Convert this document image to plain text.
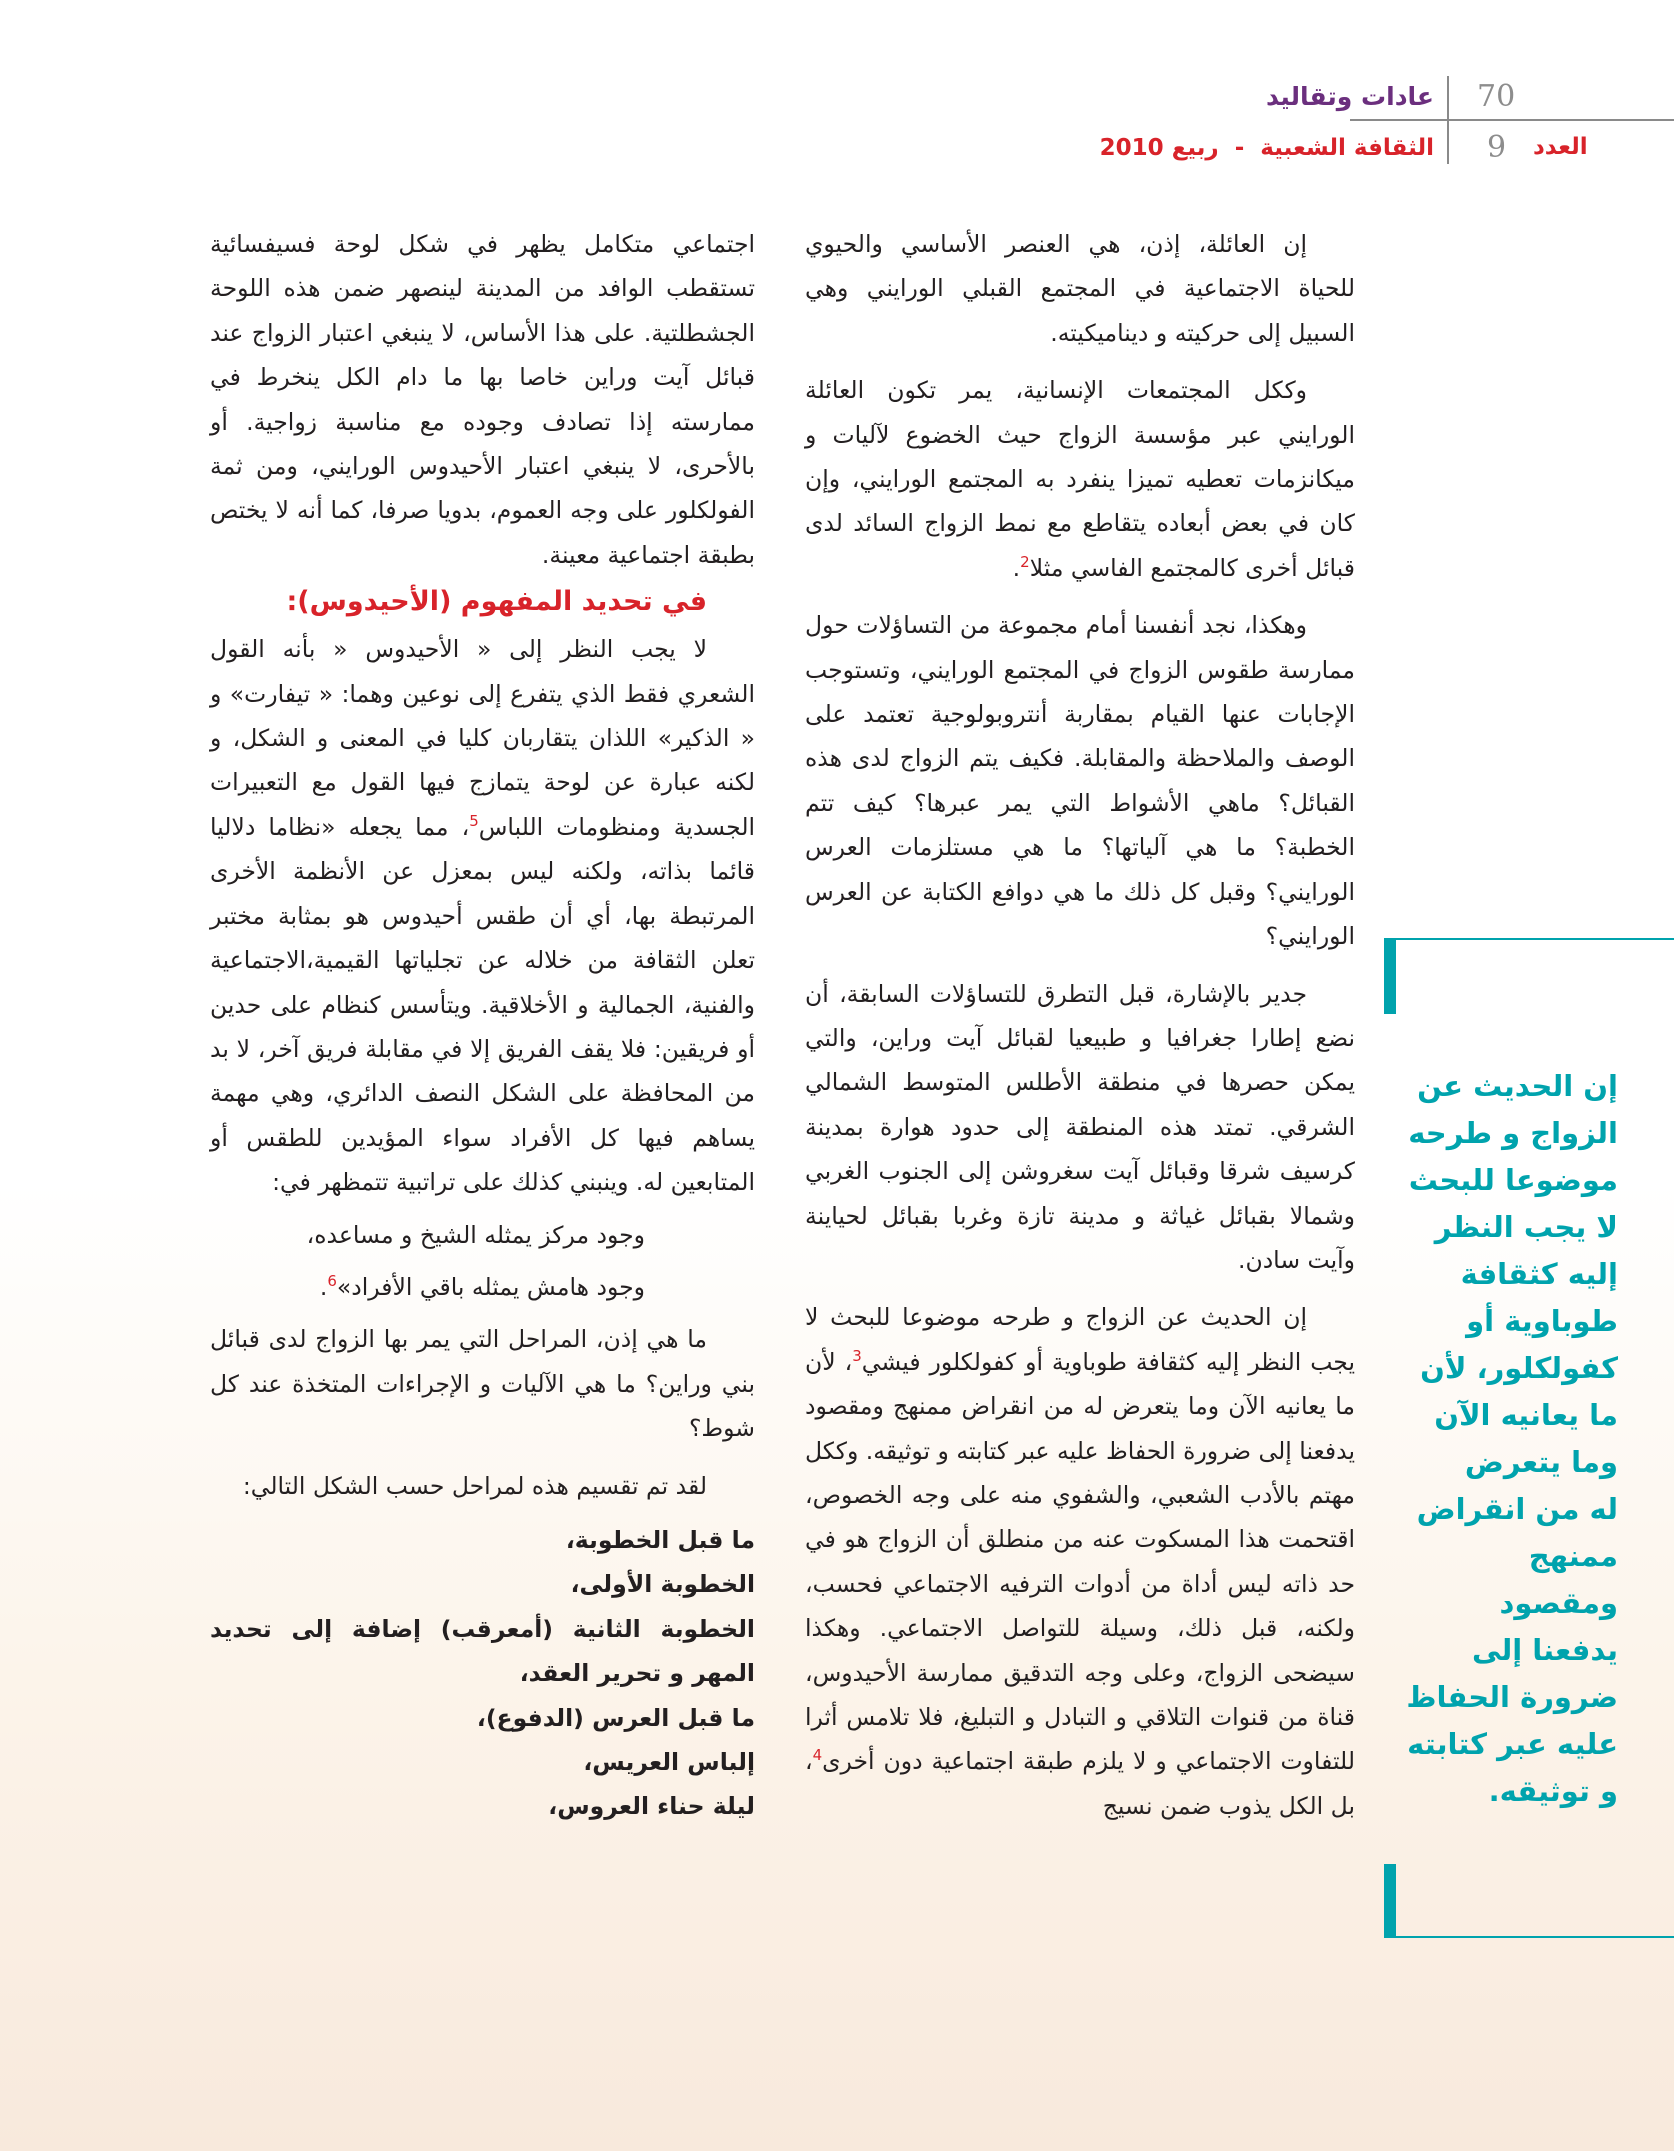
70
عادات وتقاليد
العدد
9
الثقافة الشعبية - ربيع 2010

إن العائلة، إذن، هي العنصر الأساسي والحيوي للحياة الاجتماعية في المجتمع القبلي الورايني وهي السبيل إلى حركيته و ديناميكيته.

وككل المجتمعات الإنسانية، يمر تكون العائلة الورايني عبر مؤسسة الزواج حيث الخضوع لآليات و ميكانزمات تعطيه تميزا ينفرد به المجتمع الورايني، وإن كان في بعض أبعاده يتقاطع مع نمط الزواج السائد لدى قبائل أخرى كالمجتمع الفاسي مثلا$^2$.

وهكذا، نجد أنفسنا أمام مجموعة من التساؤلات حول ممارسة طقوس الزواج في المجتمع الورايني، وتستوجب الإجابات عنها القيام بمقاربة أنتروبولوجية تعتمد على الوصف والملاحظة والمقابلة. فكيف يتم الزواج لدى هذه القبائل؟ ماهي الأشواط التي يمر عبرها؟ كيف تتم الخطبة؟ ما هي آلياتها؟ ما هي مستلزمات العرس الورايني؟ وقبل كل ذلك ما هي دوافع الكتابة عن العرس الورايني؟

جدير بالإشارة، قبل التطرق للتساؤلات السابقة، أن نضع إطارا جغرافيا و طبيعيا لقبائل آيت وراين، والتي يمكن حصرها في منطقة الأطلس المتوسط الشمالي الشرقي. تمتد هذه المنطقة إلى حدود هوارة بمدينة كرسيف شرقا وقبائل آيت سغروشن إلى الجنوب الغربي وشمالا بقبائل غياثة و مدينة تازة وغربا بقبائل لحياينة وآيت سادن.

إن الحديث عن الزواج و طرحه موضوعا للبحث لا يجب النظر إليه كثقافة طوباوية أو كفولكلور فيشي$^3$، لأن ما يعانيه الآن وما يتعرض له من انقراض ممنهج ومقصود يدفعنا إلى ضرورة الحفاظ عليه عبر كتابته و توثيقه. وككل مهتم بالأدب الشعبي، والشفوي منه على وجه الخصوص، اقتحمت هذا المسكوت عنه من منطلق أن الزواج هو في حد ذاته ليس أداة من أدوات الترفيه الاجتماعي فحسب، ولكنه، قبل ذلك، وسيلة للتواصل الاجتماعي. وهكذا سيضحى الزواج، وعلى وجه التدقيق ممارسة الأحيدوس، قناة من قنوات التلاقي و التبادل و التبليغ، فلا تلامس أثرا للتفاوت الاجتماعي و لا يلزم طبقة اجتماعية دون أخرى$^4$، بل الكل يذوب ضمن نسيج

اجتماعي متكامل يظهر في شكل لوحة فسيفسائية تستقطب الوافد من المدينة لينصهر ضمن هذه اللوحة الجشطلتية. على هذا الأساس، لا ينبغي اعتبار الزواج عند قبائل آيت وراين خاصا بها ما دام الكل ينخرط في ممارسته إذا تصادف وجوده مع مناسبة زواجية. أو بالأحرى، لا ينبغي اعتبار الأحيدوس الورايني، ومن ثمة الفولكلور على وجه العموم، بدويا صرفا، كما أنه لا يختص بطبقة اجتماعية معينة.

في تحديد المفهوم (الأحيدوس):

لا يجب النظر إلى « الأحيدوس « بأنه القول الشعري فقط الذي يتفرع إلى نوعين وهما: « تيفارت» و « الذكير» اللذان يتقاربان كليا في المعنى و الشكل، و لكنه عبارة عن لوحة يتمازج فيها القول مع التعبيرات الجسدية ومنظومات اللباس$^5$، مما يجعله «نظاما دلاليا قائما بذاته، ولكنه ليس بمعزل عن الأنظمة الأخرى المرتبطة بها، أي أن طقس أحيدوس هو بمثابة مختبر تعلن الثقافة من خلاله عن تجلياتها القيمية،الاجتماعية والفنية، الجمالية و الأخلاقية. ويتأسس كنظام على حدين أو فريقين: فلا يقف الفريق إلا في مقابلة فريق آخر، لا بد من المحافظة على الشكل النصف الدائري، وهي مهمة يساهم فيها كل الأفراد سواء المؤيدين للطقس أو المتابعين له. وينبني كذلك على تراتبية تتمظهر في:

وجود مركز يمثله الشيخ و مساعده،

وجود هامش يمثله باقي الأفراد»$^6$.

ما هي إذن، المراحل التي يمر بها الزواج لدى قبائل بني وراين؟ ما هي الآليات و الإجراءات المتخذة عند كل شوط؟

لقد تم تقسيم هذه لمراحل حسب الشكل التالي:

ما قبل الخطوبة،

الخطوبة الأولى،

الخطوبة الثانية (أمعرقب) إضافة إلى تحديد المهر و تحرير العقد،

ما قبل العرس (الدفوع)،

إلباس العريس،

ليلة حناء العروس،

إن الحديث عن
الزواج و طرحه
موضوعا للبحث
لا يجب النظر
إليه كثقافة
طوباوية أو
كفولكلور، لأن
ما يعانيه الآن
وما يتعرض
له من انقراض
ممنهج
ومقصود
يدفعنا إلى
ضرورة الحفاظ
عليه عبر كتابته
و توثيقه.
